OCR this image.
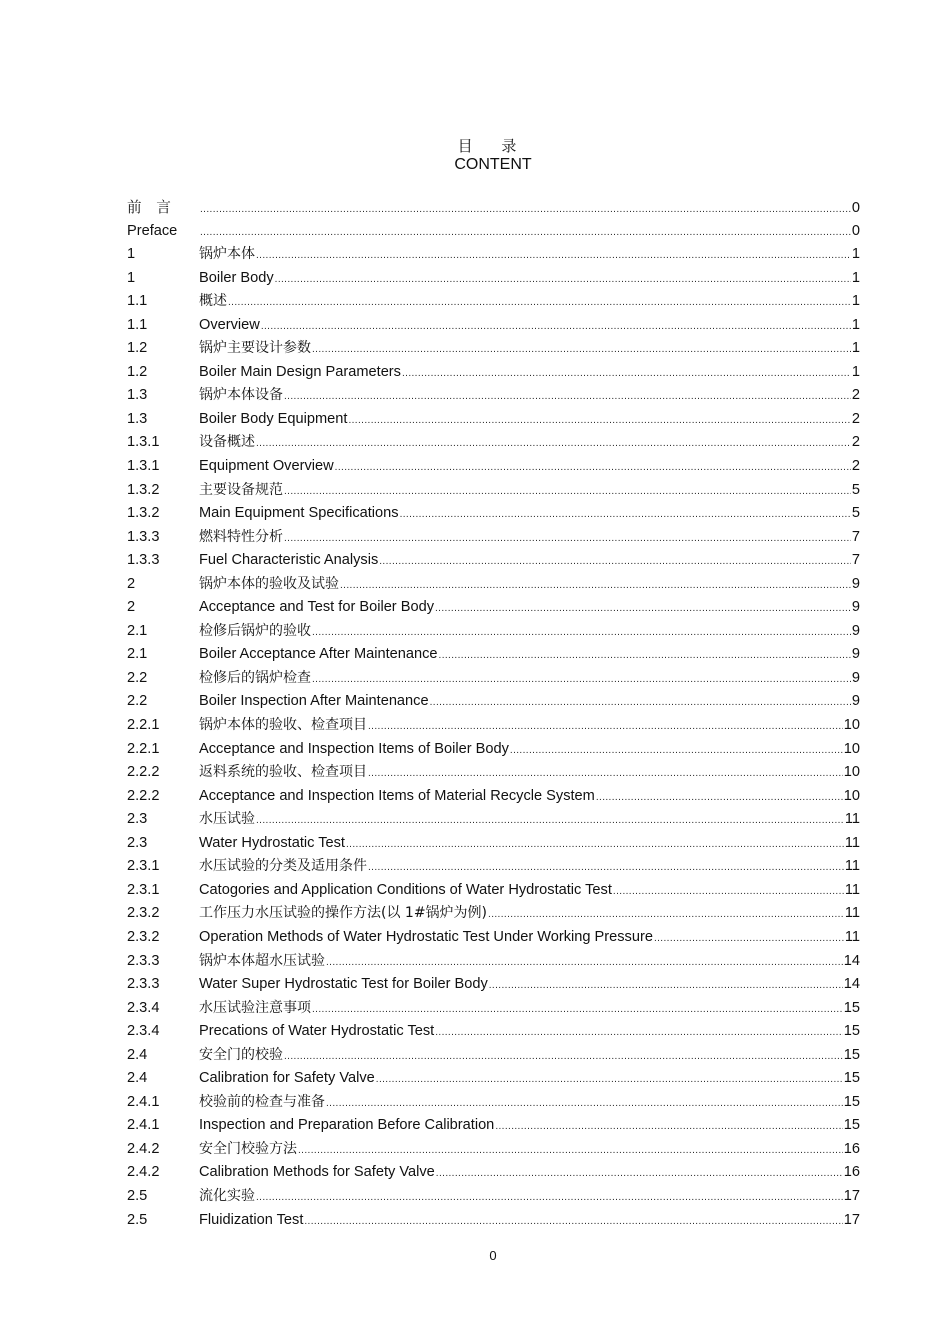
目 录
CONTENT
前　言 .....	0
Preface .....	0
1	锅炉本体 .....	1
1	Boiler Body .....	1
1.1	概述 .....	1
1.1	Overview .....	1
1.2	锅炉主要设计参数 .....	1
1.2	Boiler Main Design Parameters .....	1
1.3	锅炉本体设备 .....	2
1.3	Boiler Body Equipment .....	2
1.3.1	设备概述 .....	2
1.3.1	Equipment Overview .....	2
1.3.2	主要设备规范 .....	5
1.3.2	Main Equipment Specifications .....	5
1.3.3	燃料特性分析 .....	7
1.3.3	Fuel Characteristic Analysis .....	7
2	锅炉本体的验收及试验 .....	9
2	Acceptance and Test for Boiler Body .....	9
2.1	检修后锅炉的验收 .....	9
2.1	Boiler Acceptance After Maintenance .....	9
2.2	检修后的锅炉检查 .....	9
2.2	Boiler Inspection After Maintenance .....	9
2.2.1	锅炉本体的验收、检查项目 .....	10
2.2.1	Acceptance and Inspection Items of Boiler Body .....	10
2.2.2	返料系统的验收、检查项目 .....	10
2.2.2	Acceptance and Inspection Items of Material Recycle System .....	10
2.3	水压试验 .....	11
2.3	Water Hydrostatic Test .....	11
2.3.1	水压试验的分类及适用条件 .....	11
2.3.1	Catogories and Application Conditions of Water Hydrostatic Test .....	11
2.3.2	工作压力水压试验的操作方法(以 1#锅炉为例) .....	11
2.3.2	Operation Methods of Water Hydrostatic Test Under Working Pressure .....	11
2.3.3	锅炉本体超水压试验 .....	14
2.3.3	Water Super Hydrostatic Test for Boiler Body .....	14
2.3.4	水压试验注意事项 .....	15
2.3.4	Precations of Water Hydrostatic Test .....	15
2.4	安全门的校验 .....	15
2.4	Calibration for Safety Valve .....	15
2.4.1	校验前的检查与准备 .....	15
2.4.1	Inspection and Preparation Before Calibration .....	15
2.4.2	安全门校验方法 .....	16
2.4.2	Calibration Methods for Safety Valve .....	16
2.5	流化实验 .....	17
2.5	Fluidization Test .....	17
0
